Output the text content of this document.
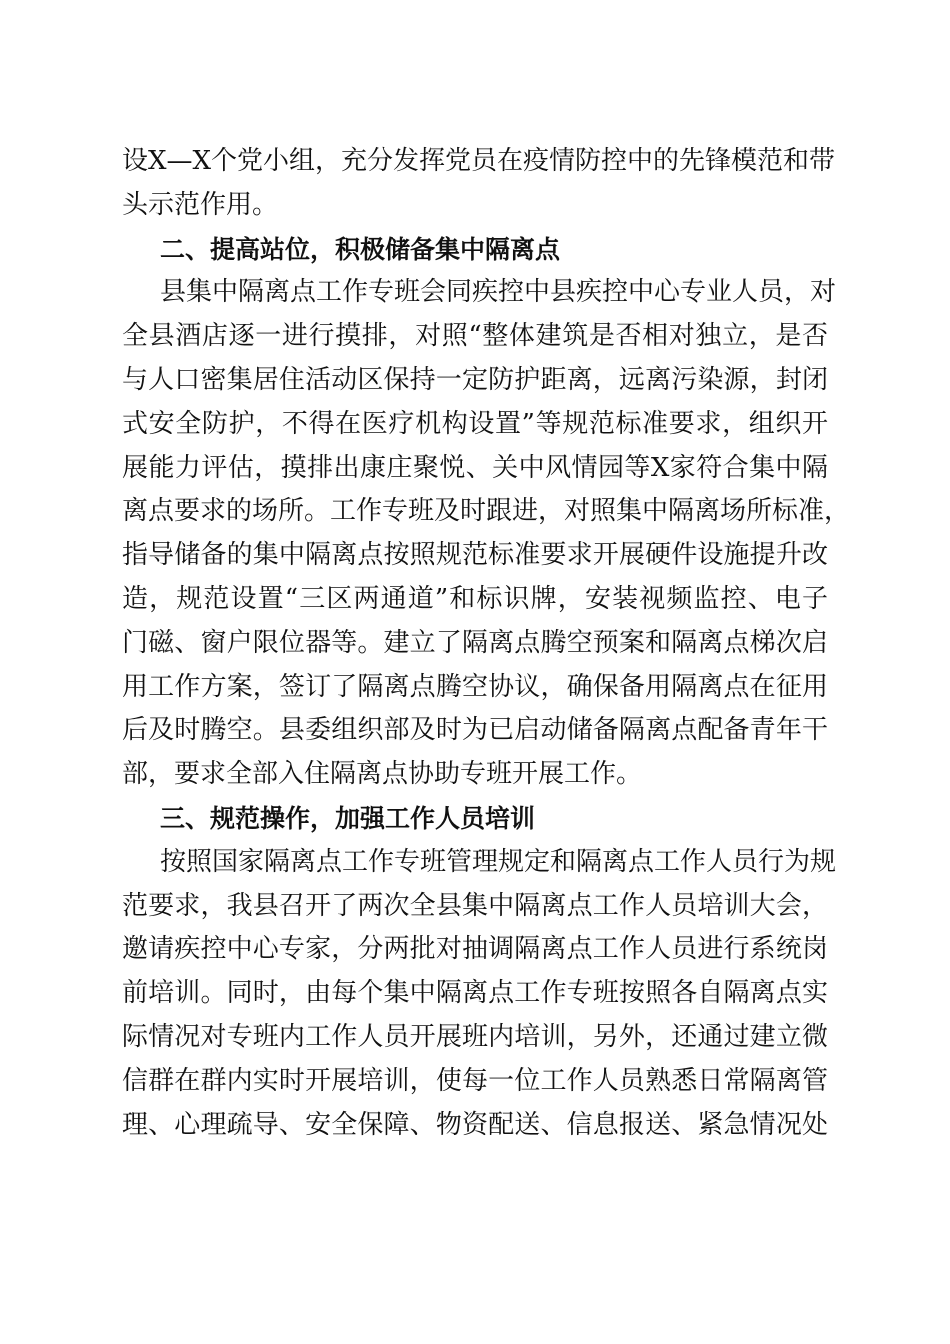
设X—X个党小组，充分发挥党员在疫情防控中的先锋模范和带
头示范作用。
二、提高站位，积极储备集中隔离点
县集中隔离点工作专班会同疾控中县疾控中心专业人员，对
全县酒店逐一进行摸排，对照“整体建筑是否相对独立，是否
与人口密集居住活动区保持一定防护距离，远离污染源，封闭
式安全防护，不得在医疗机构设置”等规范标准要求，组织开
展能力评估，摸排出康庄聚悦、关中风情园等X家符合集中隔
离点要求的场所。工作专班及时跟进，对照集中隔离场所标准，
指导储备的集中隔离点按照规范标准要求开展硬件设施提升改
造，规范设置“三区两通道”和标识牌，安装视频监控、电子
门磁、窗户限位器等。建立了隔离点腾空预案和隔离点梯次启
用工作方案，签订了隔离点腾空协议，确保备用隔离点在征用
后及时腾空。县委组织部及时为已启动储备隔离点配备青年干
部，要求全部入住隔离点协助专班开展工作。
三、规范操作，加强工作人员培训
按照国家隔离点工作专班管理规定和隔离点工作人员行为规
范要求，我县召开了两次全县集中隔离点工作人员培训大会，
邀请疾控中心专家，分两批对抽调隔离点工作人员进行系统岗
前培训。同时，由每个集中隔离点工作专班按照各自隔离点实
际情况对专班内工作人员开展班内培训，另外，还通过建立微
信群在群内实时开展培训，使每一位工作人员熟悉日常隔离管
理、心理疏导、安全保障、物资配送、信息报送、紧急情况处
